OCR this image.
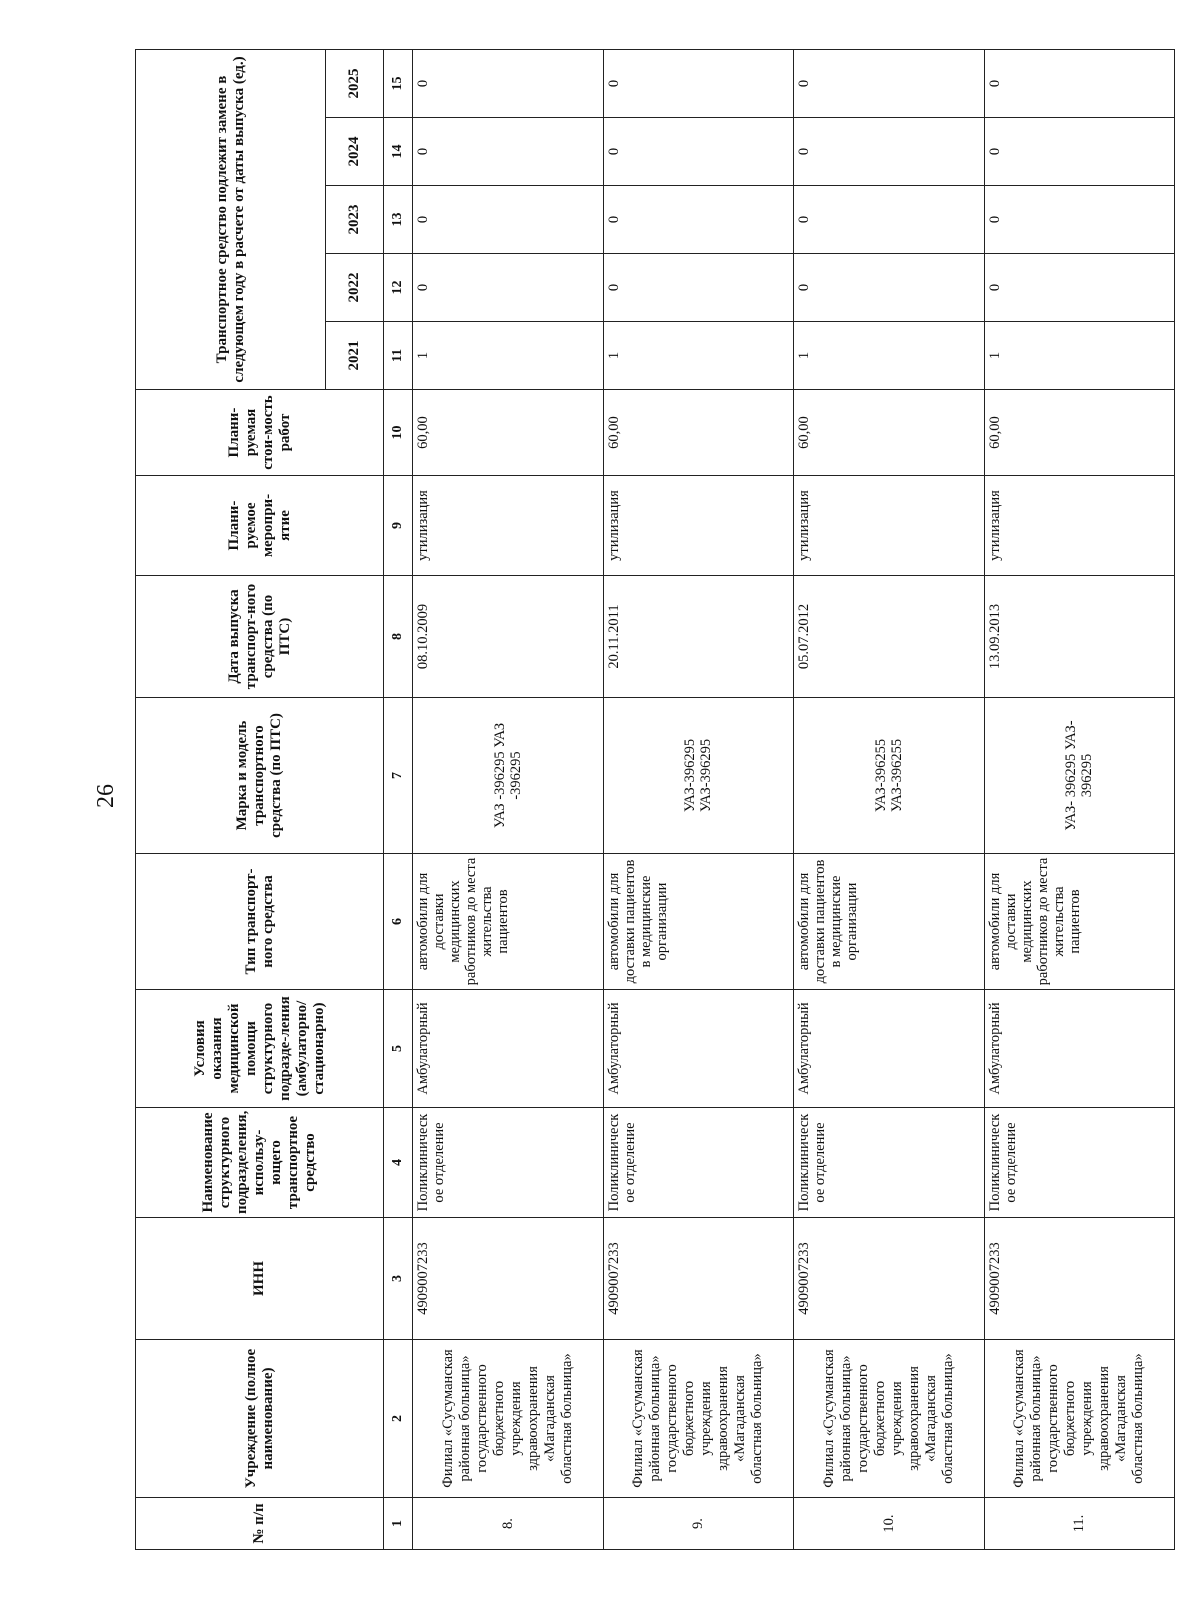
26
№ п/п	Учреждение (полное наименование)	ИНН	Наименование структурного подразделения, использу-ющего транспортное средство	Условия оказания медицинской помощи структурного подразде-ления (амбулаторно/ стационарно)	Тип транспорт-ного средства	Марка и модель транспортного средства (по ПТС)	Дата выпуска транспорт-ного средства (по ПТС)	Плани-руемое меропри-ятие	Плани-руемая стои-мость работ	Транспортное средство подлежит замене в следующем году в расчете от даты выпуска (ед.)				
										2021	2022	2023	2024	2025
1	2	3	4	5	6	7	8	9	10	11	12	13	14	15
8.	Филиал «Сусуманская районная больница» государственного бюджетного учреждения здравоохранения «Магаданская областная больница»	4909007233	Поликлиническ ое отделение	Амбулаторный	автомобили для доставки медицинских работников до места жительства пациентов	УАЗ -396295 УАЗ -396295	08.10.2009	утилизация	60,00	1	0	0	0	0
9.	Филиал «Сусуманская районная больница» государственного бюджетного учреждения здравоохранения «Магаданская областная больница»	4909007233	Поликлиническ ое отделение	Амбулаторный	автомобили для доставки пациентов в медицинские организации	УАЗ-396295 УАЗ-396295	20.11.2011	утилизация	60,00	1	0	0	0	0
10.	Филиал «Сусуманская районная больница» государственного бюджетного учреждения здравоохранения «Магаданская областная больница»	4909007233	Поликлиническ ое отделение	Амбулаторный	автомобили для доставки пациентов в медицинские организации	УАЗ-396255 УАЗ-396255	05.07.2012	утилизация	60,00	1	0	0	0	0
11.	Филиал «Сусуманская районная больница» государственного бюджетного учреждения здравоохранения «Магаданская областная больница»	4909007233	Поликлиническ ое отделение	Амбулаторный	автомобили для доставки медицинских работников до места жительства пациентов	УАЗ- 396295 УАЗ- 396295	13.09.2013	утилизация	60,00	1	0	0	0	0
